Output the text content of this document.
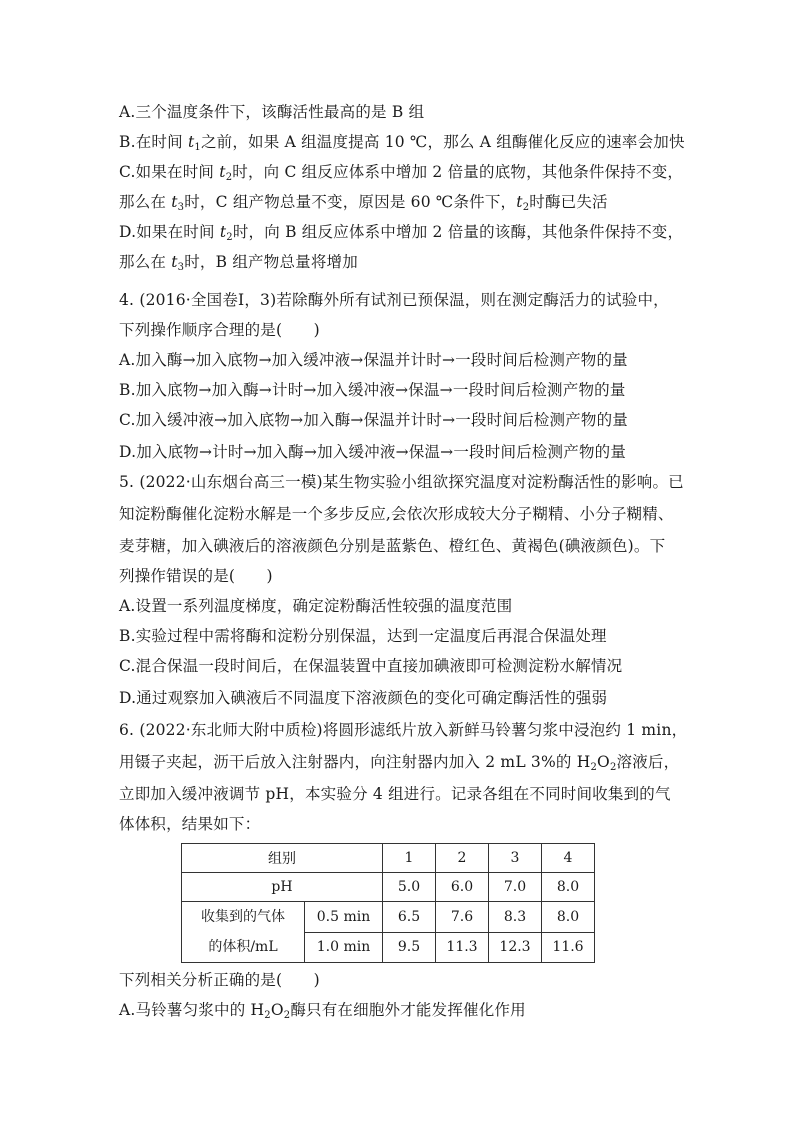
A.三个温度条件下，该酶活性最高的是 B 组
B.在时间 $t_1$之前，如果 A 组温度提高 10 ℃，那么 A 组酶催化反应的速率会加快
C.如果在时间 $t_2$时，向 C 组反应体系中增加 2 倍量的底物，其他条件保持不变，
那么在 $t_3$时，C 组产物总量不变，原因是 60 ℃条件下，$t_2$时酶已失活
D.如果在时间 $t_2$时，向 B 组反应体系中增加 2 倍量的该酶，其他条件保持不变，
那么在 $t_3$时，B 组产物总量将增加
4. (2016·全国卷Ⅰ，3)若除酶外所有试剂已预保温，则在测定酶活力的试验中，
下列操作顺序合理的是(　　)
A.加入酶→加入底物→加入缓冲液→保温并计时→一段时间后检测产物的量
B.加入底物→加入酶→计时→加入缓冲液→保温→一段时间后检测产物的量
C.加入缓冲液→加入底物→加入酶→保温并计时→一段时间后检测产物的量
D.加入底物→计时→加入酶→加入缓冲液→保温→一段时间后检测产物的量
5. (2022·山东烟台高三一模)某生物实验小组欲探究温度对淀粉酶活性的影响。已
知淀粉酶催化淀粉水解是一个多步反应,会依次形成较大分子糊精、小分子糊精、
麦芽糖，加入碘液后的溶液颜色分别是蓝紫色、橙红色、黄褐色(碘液颜色)。下
列操作错误的是(　　)
A.设置一系列温度梯度，确定淀粉酶活性较强的温度范围
B.实验过程中需将酶和淀粉分别保温，达到一定温度后再混合保温处理
C.混合保温一段时间后，在保温装置中直接加碘液即可检测淀粉水解情况
D.通过观察加入碘液后不同温度下溶液颜色的变化可确定酶活性的强弱
6. (2022·东北师大附中质检)将圆形滤纸片放入新鲜马铃薯匀浆中浸泡约 1 min，
用镊子夹起，沥干后放入注射器内，向注射器内加入 2 mL 3%的 $H_2O_2$溶液后，
立即加入缓冲液调节 pH，本实验分 4 组进行。记录各组在不同时间收集到的气
体体积，结果如下：
组别		1	2	3	4
pH		5.0	6.0	7.0	8.0

收集到的气体
的体积/mL	0.5 min	6.5	7.6	8.3	8.0
	1.0 min	9.5	11.3	12.3	11.6
下列相关分析正确的是(　　)
A.马铃薯匀浆中的 $H_2O_2$酶只有在细胞外才能发挥催化作用
